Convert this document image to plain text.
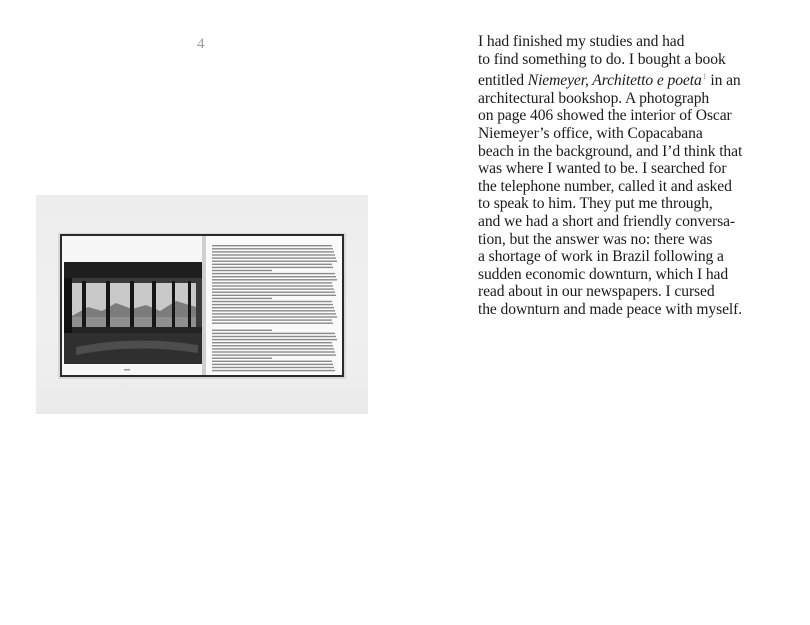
4	I had finished my studies and had
to find something to do. I bought a book
entitled Niemeyer, Architetto e poeta$^1$ in an
architectural bookshop. A photograph
on page 406 showed the interior of Oscar
Niemeyer’s office, with Copacabana
beach in the background, and I’d think that
was where I wanted to be. I searched for
the telephone number, called it and asked
to speak to him. They put me through,
and we had a short and friendly conversa-
tion, but the answer was no: there was
a shortage of work in Brazil following a
sudden economic downturn, which I had
read about in our newspapers. I cursed
the downturn and made peace with myself.
